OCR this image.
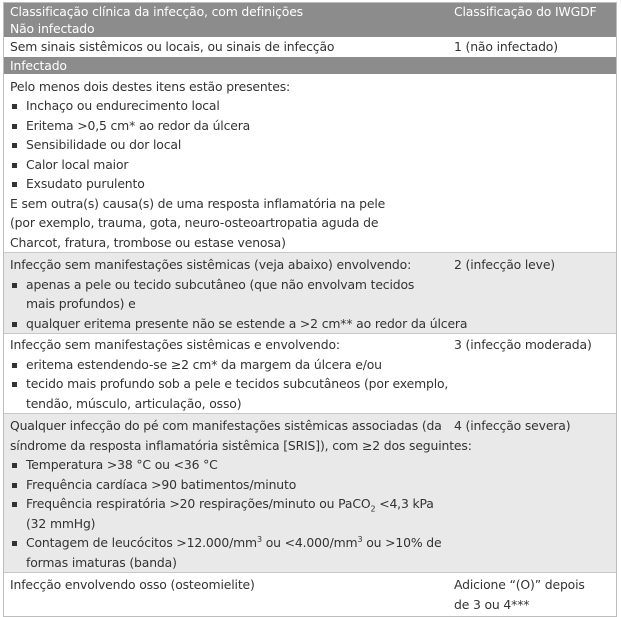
Classificação clínica da infecção, com definições
Não infectado
Classificação do IWGDF
Sem sinais sistêmicos ou locais, ou sinais de infecção	1 (não infectado)
Infectado
Pelo menos dois destes itens estão presentes:
Inchaço ou endurecimento local
Eritema >0,5 cm* ao redor da úlcera
Sensibilidade ou dor local
Calor local maior
Exsudato purulento
E sem outra(s) causa(s) de uma resposta inflamatória na pele
(por exemplo, trauma, gota, neuro-osteoartropatia aguda de
Charcot, fratura, trombose ou estase venosa)
Infecção sem manifestações sistêmicas (veja abaixo) envolvendo:
apenas a pele ou tecido subcutâneo (que não envolvam tecidos
mais profundos) e
qualquer eritema presente não se estende a >2 cm** ao redor da úlcera
2 (infecção leve)
Infecção sem manifestações sistêmicas e envolvendo:
eritema estendendo-se ≥2 cm* da margem da úlcera e/ou
tecido mais profundo sob a pele e tecidos subcutâneos (por exemplo,
tendão, músculo, articulação, osso)
3 (infecção moderada)
Qualquer infecção do pé com manifestações sistêmicas associadas (da
síndrome da resposta inflamatória sistêmica [SRIS]), com ≥2 dos seguintes:
Temperatura >38 °C ou <36 °C
Frequência cardíaca >90 batimentos/minuto
Frequência respiratória >20 respirações/minuto ou PaCO$_2$ <4,3 kPa
(32 mmHg)
Contagem de leucócitos $>12.000/mm^3$ ou $<4.000/mm^3$ ou >10% de
formas imaturas (banda)
4 (infecção severa)
Infecção envolvendo osso (osteomielite)	Adicione “(O)” depois
de 3 ou 4***
